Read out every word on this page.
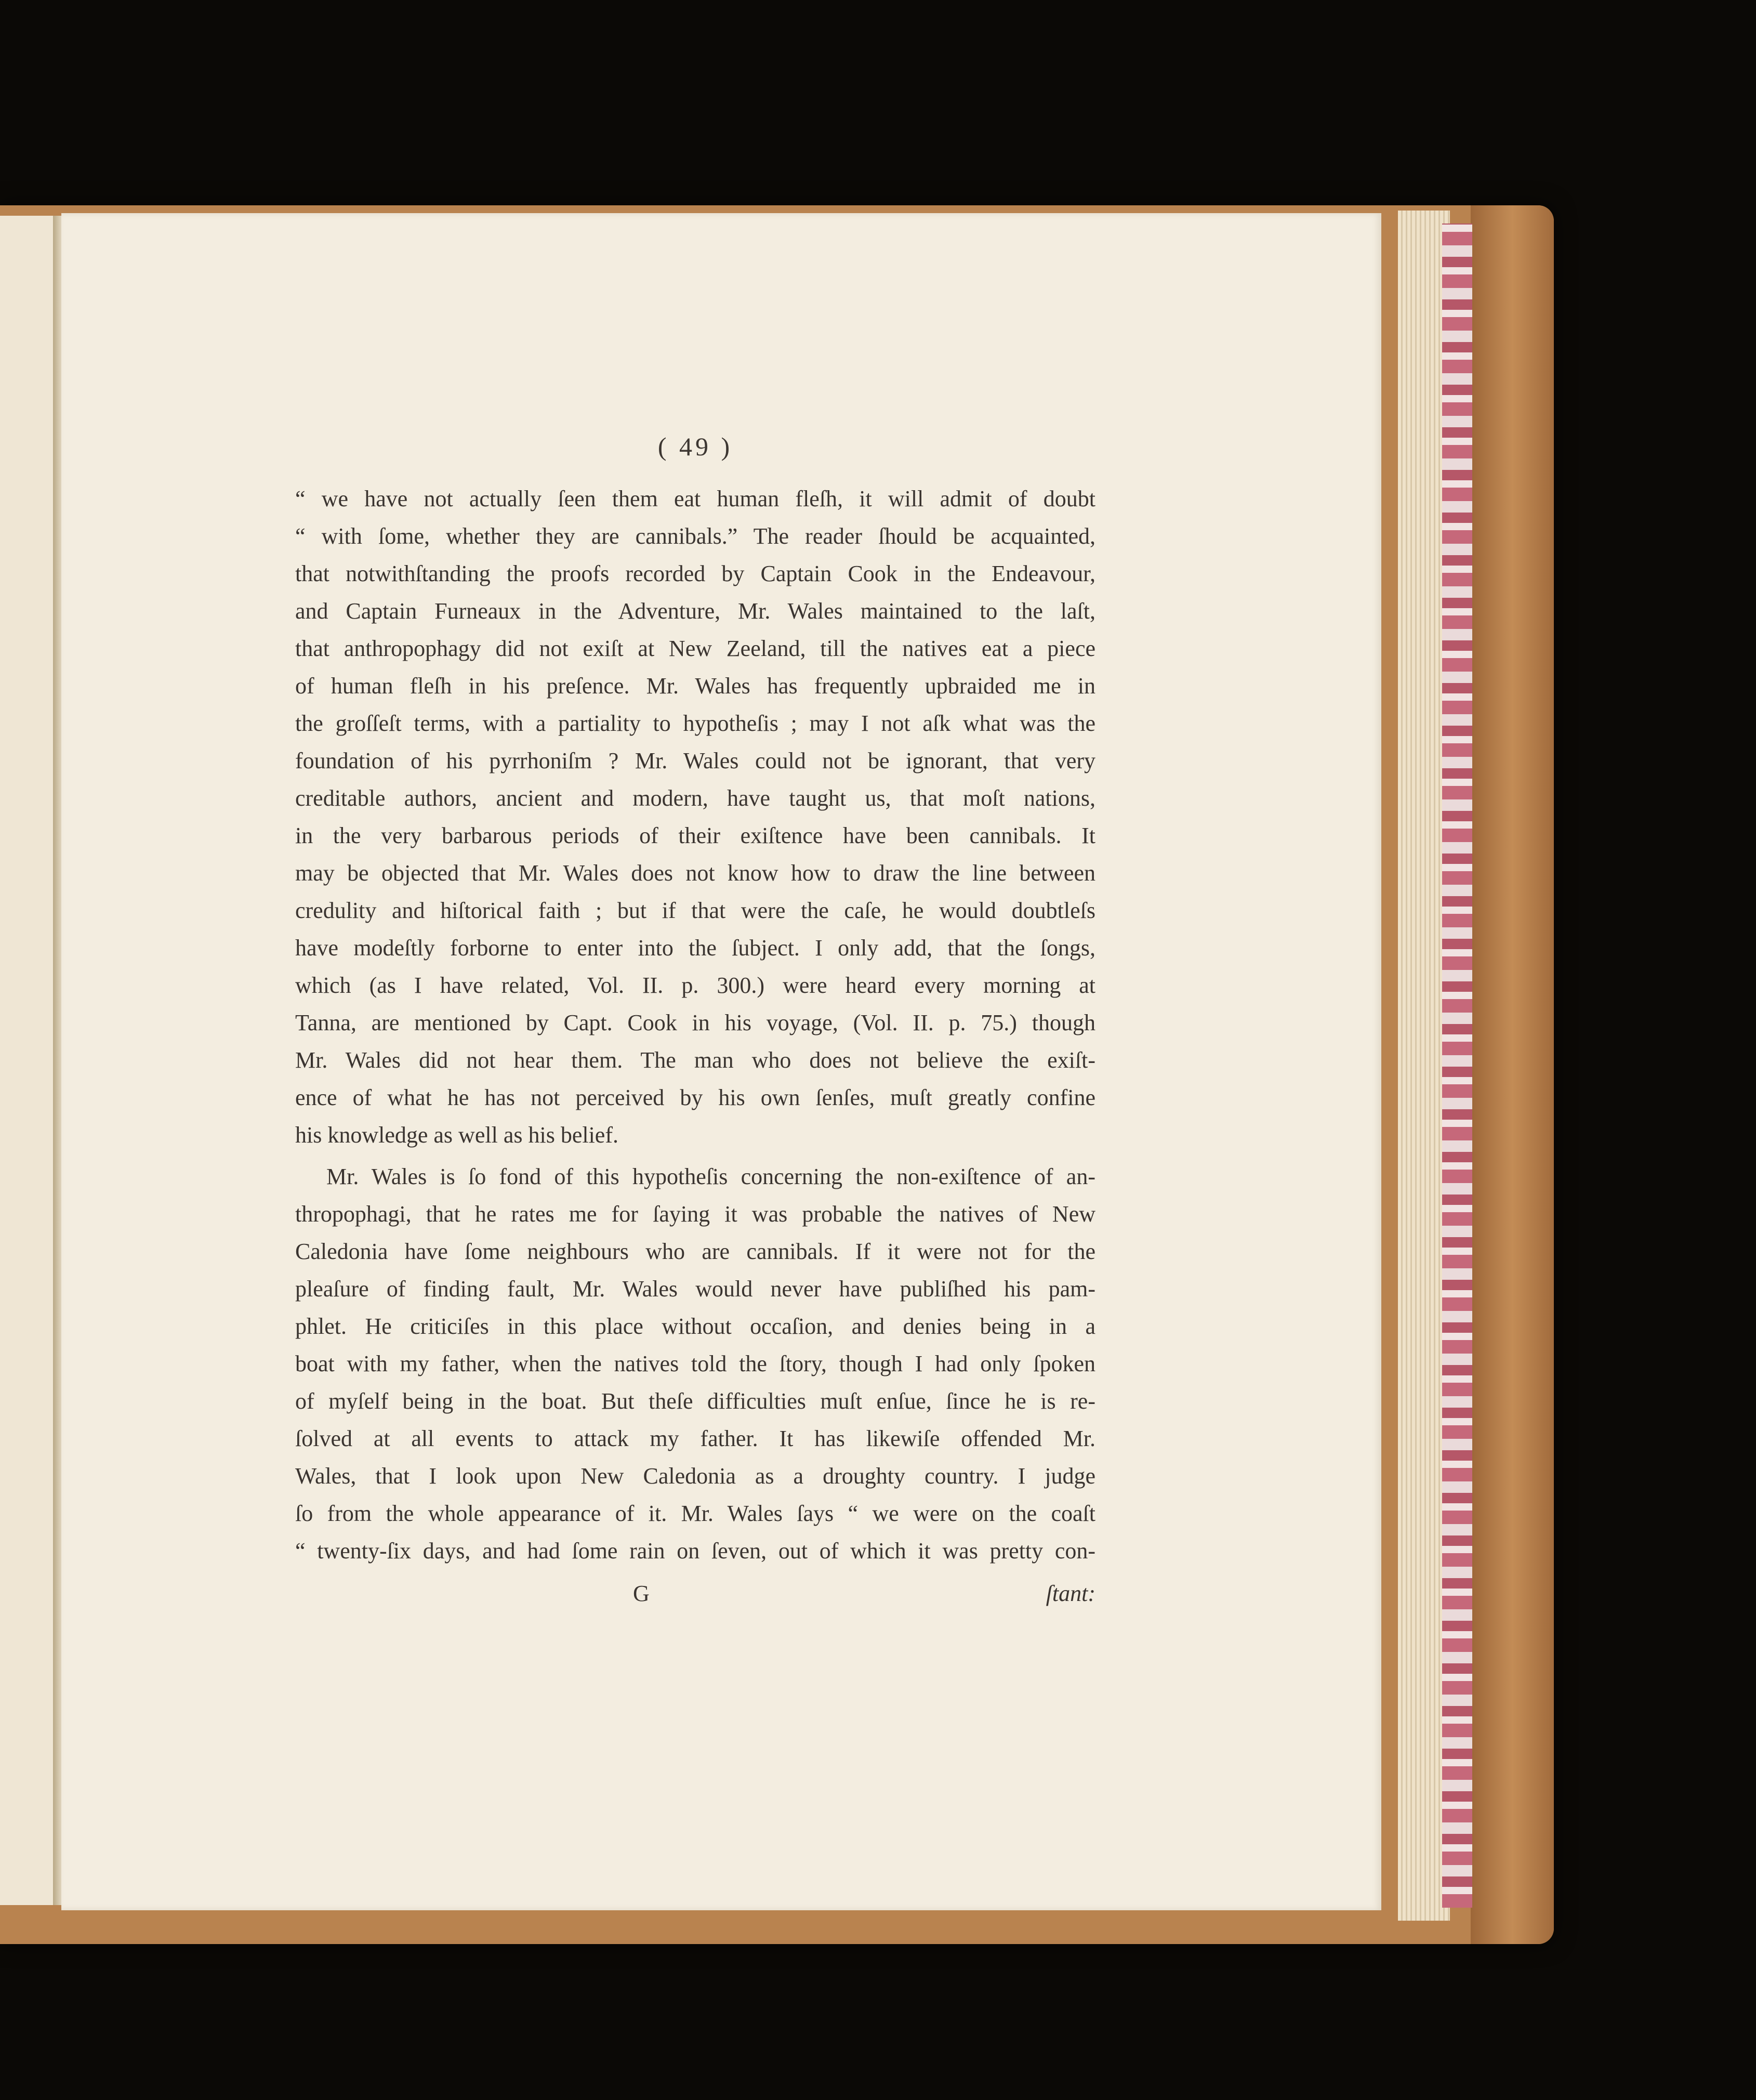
( 49 )
“ we have not actually ſeen them eat human fleſh, it will admit of doubt
“ with ſome, whether they are cannibals.” The reader ſhould be acquainted,
that notwithſtanding the proofs recorded by Captain Cook in the Endeavour,
and Captain Furneaux in the Adventure, Mr. Wales maintained to the laſt,
that anthropophagy did not exiſt at New Zeeland, till the natives eat a piece
of human fleſh in his preſence. Mr. Wales has frequently upbraided me in
the groſſeſt terms, with a partiality to hypotheſis ; may I not aſk what was the
foundation of his pyrrhoniſm ? Mr. Wales could not be ignorant, that very
creditable authors, ancient and modern, have taught us, that moſt nations,
in the very barbarous periods of their exiſtence have been cannibals. It
may be objected that Mr. Wales does not know how to draw the line between
credulity and hiſtorical faith ; but if that were the caſe, he would doubtleſs
have modeſtly forborne to enter into the ſubject. I only add, that the ſongs,
which (as I have related, Vol. II. p. 300.) were heard every morning at
Tanna, are mentioned by Capt. Cook in his voyage, (Vol. II. p. 75.) though
Mr. Wales did not hear them. The man who does not believe the exiſt-
ence of what he has not perceived by his own ſenſes, muſt greatly confine
his knowledge as well as his belief.
Mr. Wales is ſo fond of this hypotheſis concerning the non-exiſtence of an-
thropophagi, that he rates me for ſaying it was probable the natives of New
Caledonia have ſome neighbours who are cannibals. If it were not for the
pleaſure of finding fault, Mr. Wales would never have publiſhed his pam-
phlet. He criticiſes in this place without occaſion, and denies being in a
boat with my father, when the natives told the ſtory, though I had only ſpoken
of myſelf being in the boat. But theſe difficulties muſt enſue, ſince he is re-
ſolved at all events to attack my father. It has likewiſe offended Mr.
Wales, that I look upon New Caledonia as a droughty country. I judge
ſo from the whole appearance of it. Mr. Wales ſays “ we were on the coaſt
“ twenty-ſix days, and had ſome rain on ſeven, out of which it was pretty con-
G	ſtant:
